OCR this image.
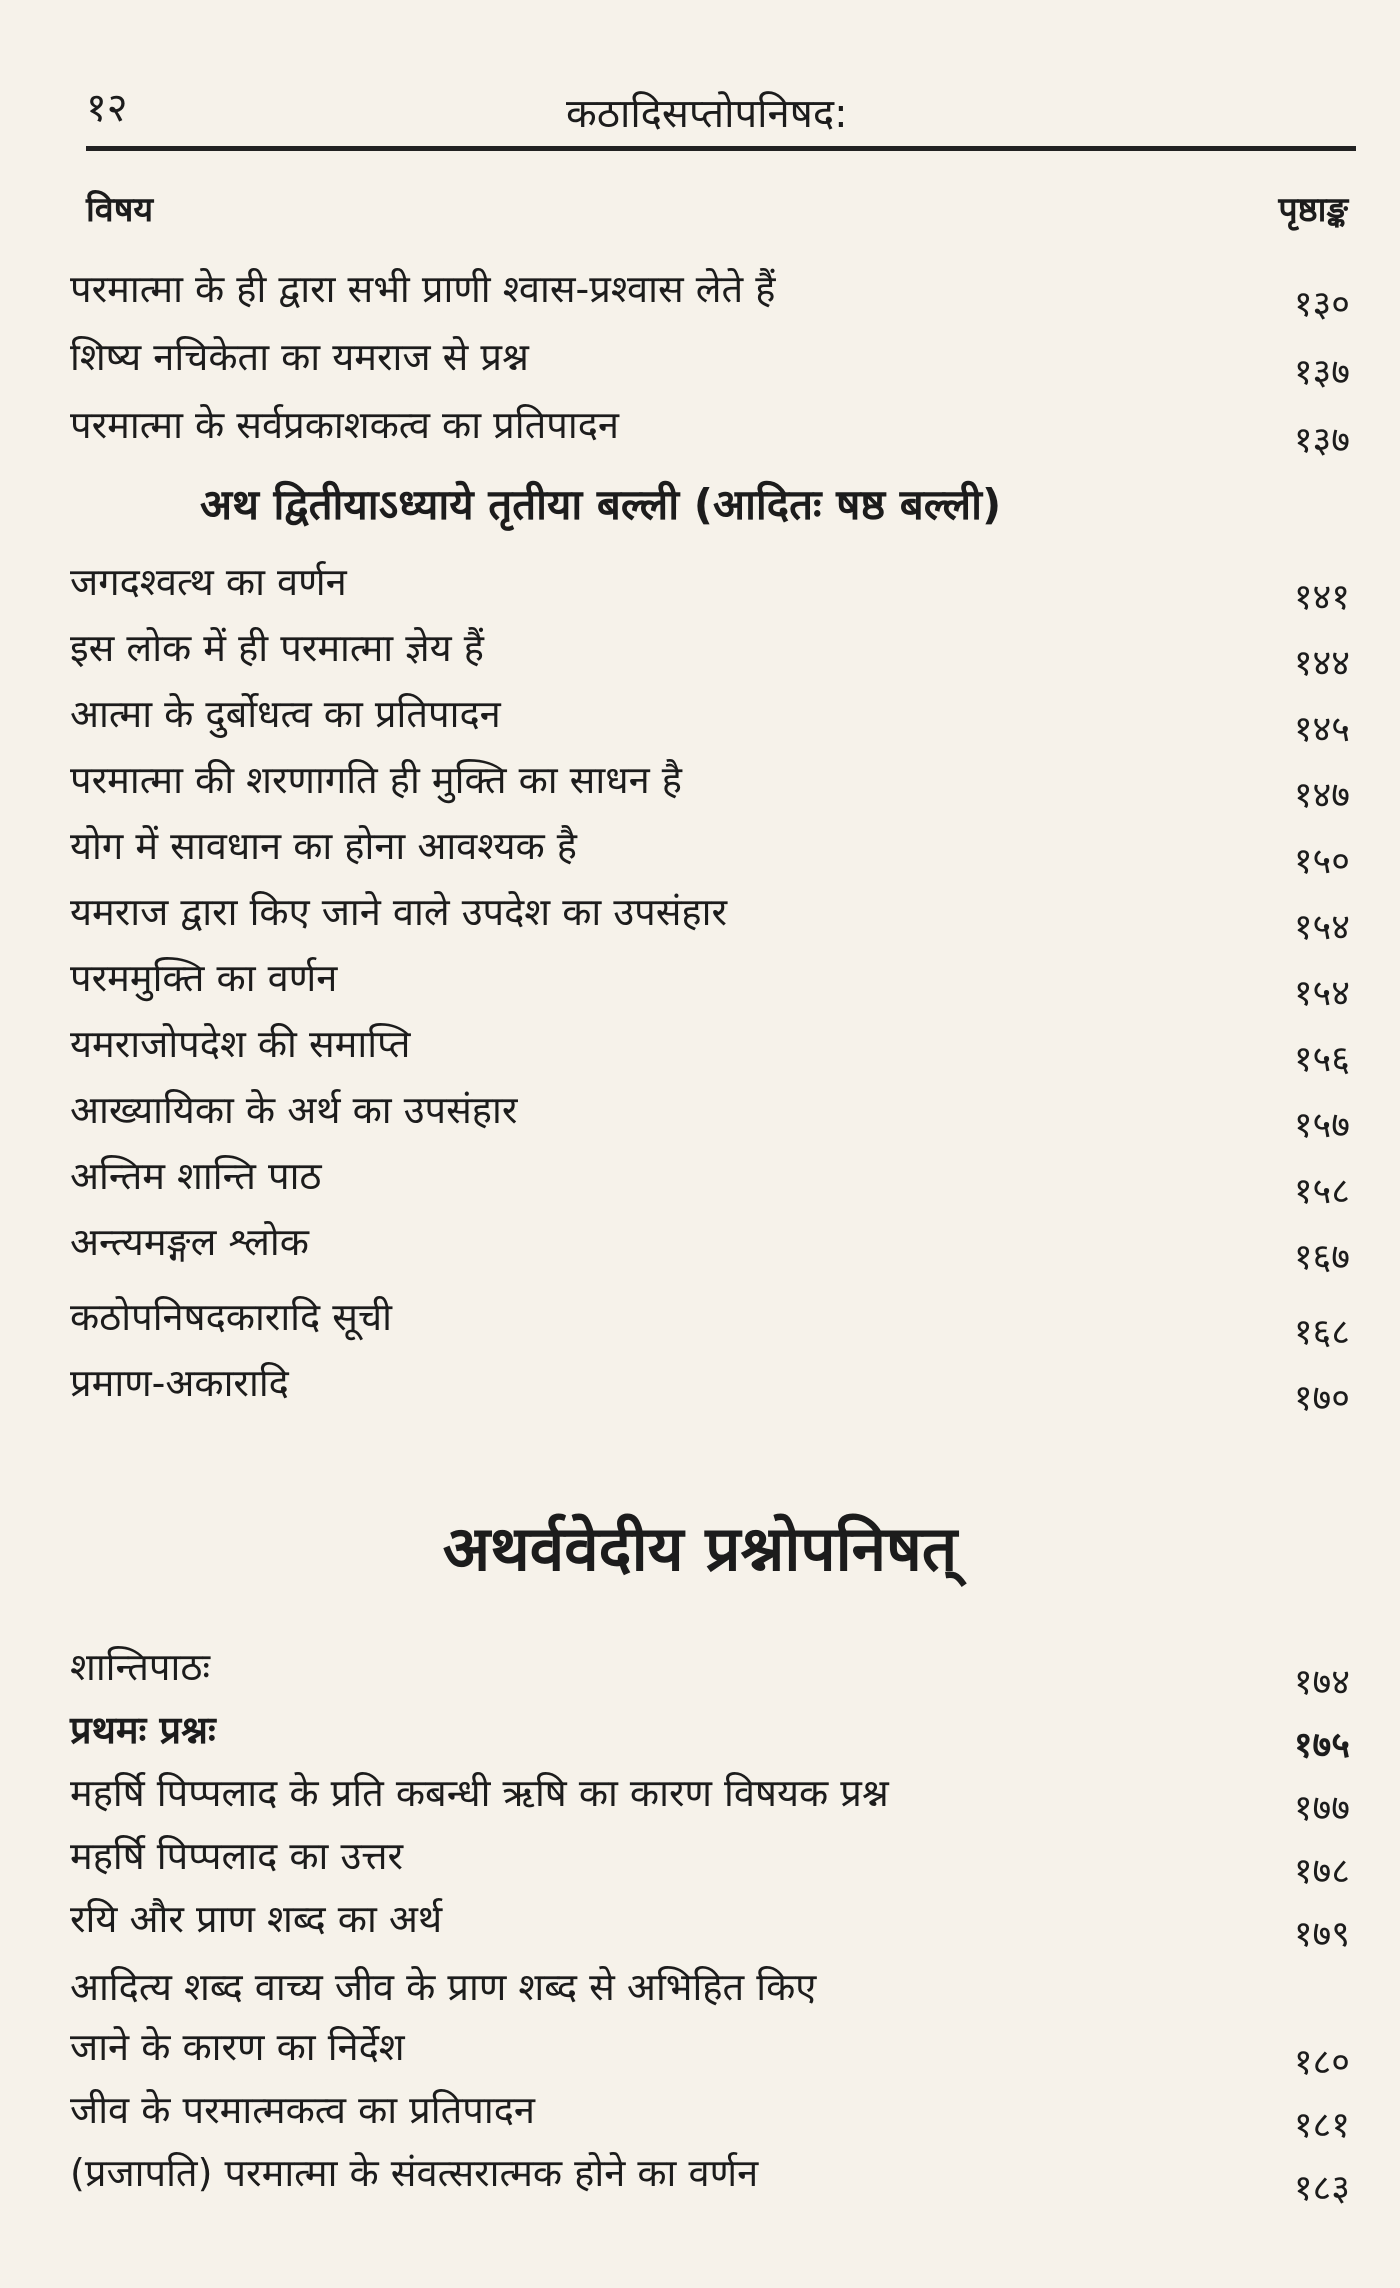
१२	कठादिसप्तोपनिषद:
विषय	पृष्ठाङ्क
परमात्मा के ही द्वारा सभी प्राणी श्वास-प्रश्वास लेते हैं	१३०
शिष्य नचिकेता का यमराज से प्रश्न	१३७
परमात्मा के सर्वप्रकाशकत्व का प्रतिपादन	१३७
अथ द्वितीयाऽध्याये तृतीया बल्ली (आदितः षष्ठ बल्ली)
जगदश्वत्थ का वर्णन	१४१
इस लोक में ही परमात्मा ज्ञेय हैं	१४४
आत्मा के दुर्बोधत्व का प्रतिपादन	१४५
परमात्मा की शरणागति ही मुक्ति का साधन है	१४७
योग में सावधान का होना आवश्यक है	१५०
यमराज द्वारा किए जाने वाले उपदेश का उपसंहार	१५४
परममुक्ति का वर्णन	१५४
यमराजोपदेश की समाप्ति	१५६
आख्यायिका के अर्थ का उपसंहार	१५७
अन्तिम शान्ति पाठ	१५८
अन्त्यमङ्गल श्लोक	१६७
कठोपनिषदकारादि सूची	१६८
प्रमाण-अकारादि	१७०
अथर्ववेदीय प्रश्नोपनिषत्
शान्तिपाठः	१७४
प्रथमः प्रश्नः	१७५
महर्षि पिप्पलाद के प्रति कबन्धी ऋषि का कारण विषयक प्रश्न	१७७
महर्षि पिप्पलाद का उत्तर	१७८
रयि और प्राण शब्द का अर्थ	१७९
आदित्य शब्द वाच्य जीव के प्राण शब्द से अभिहित किए
जाने के कारण का निर्देश	१८०
जीव के परमात्मकत्व का प्रतिपादन	१८१
(प्रजापति) परमात्मा के संवत्सरात्मक होने का वर्णन	१८३
